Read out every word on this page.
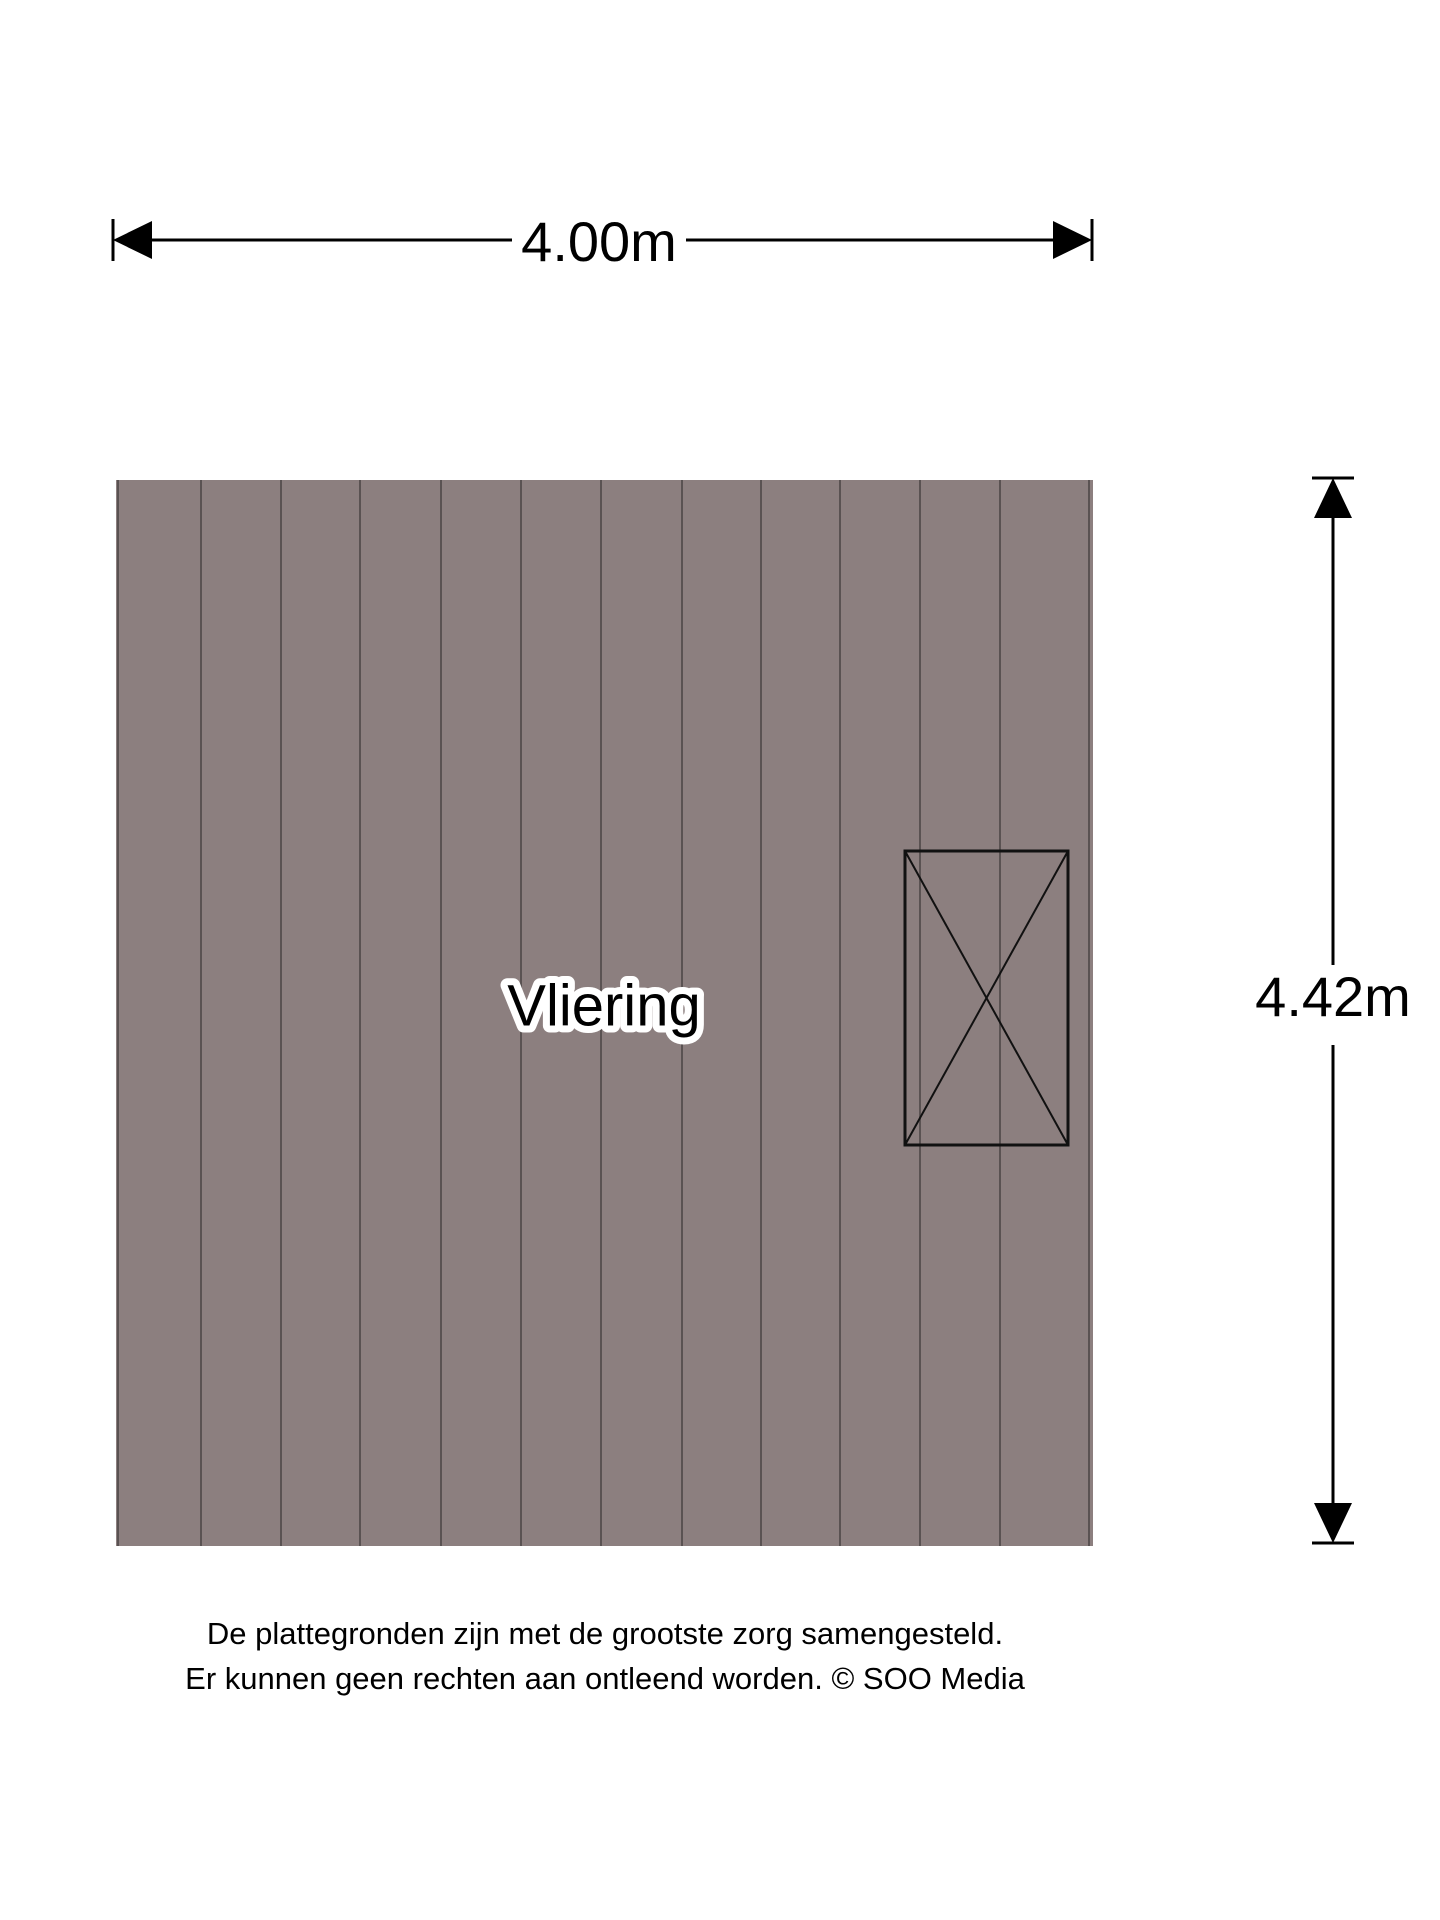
4.00m
Vliering	4.42m
De plattegronden zijn met de grootste zorg samengesteld.
Er kunnen geen rechten aan ontleend worden. © SOO Media
